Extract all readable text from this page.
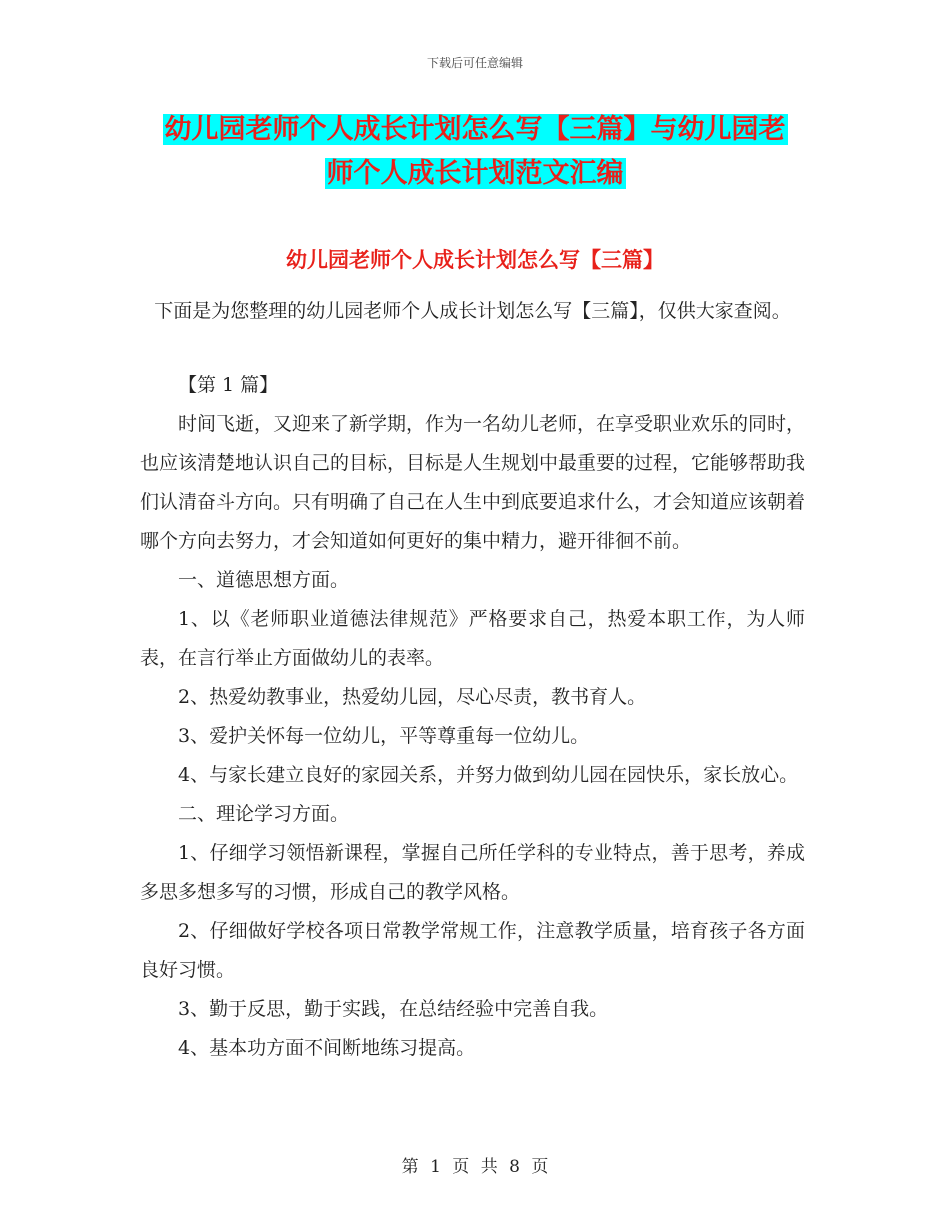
下载后可任意编辑
幼儿园老师个人成长计划怎么写【三篇】与幼儿园老
师个人成长计划范文汇编
幼儿园老师个人成长计划怎么写【三篇】
下面是为您整理的幼儿园老师个人成长计划怎么写【三篇】，仅供大家查阅。

【第 1 篇】

时间飞逝，又迎来了新学期，作为一名幼儿老师，在享受职业欢乐的同时，也应该清楚地认识自己的目标，目标是人生规划中最重要的过程，它能够帮助我们认清奋斗方向。只有明确了自己在人生中到底要追求什么，才会知道应该朝着哪个方向去努力，才会知道如何更好的集中精力，避开徘徊不前。

一、道德思想方面。

1、以《老师职业道德法律规范》严格要求自己，热爱本职工作，为人师表，在言行举止方面做幼儿的表率。

2、热爱幼教事业，热爱幼儿园，尽心尽责，教书育人。

3、爱护关怀每一位幼儿，平等尊重每一位幼儿。

4、与家长建立良好的家园关系，并努力做到幼儿园在园快乐，家长放心。

二、理论学习方面。

1、仔细学习领悟新课程，掌握自己所任学科的专业特点，善于思考，养成多思多想多写的习惯，形成自己的教学风格。

2、仔细做好学校各项日常教学常规工作，注意教学质量，培育孩子各方面良好习惯。

3、勤于反思，勤于实践，在总结经验中完善自我。

4、基本功方面不间断地练习提高。

第 1 页 共 8 页
